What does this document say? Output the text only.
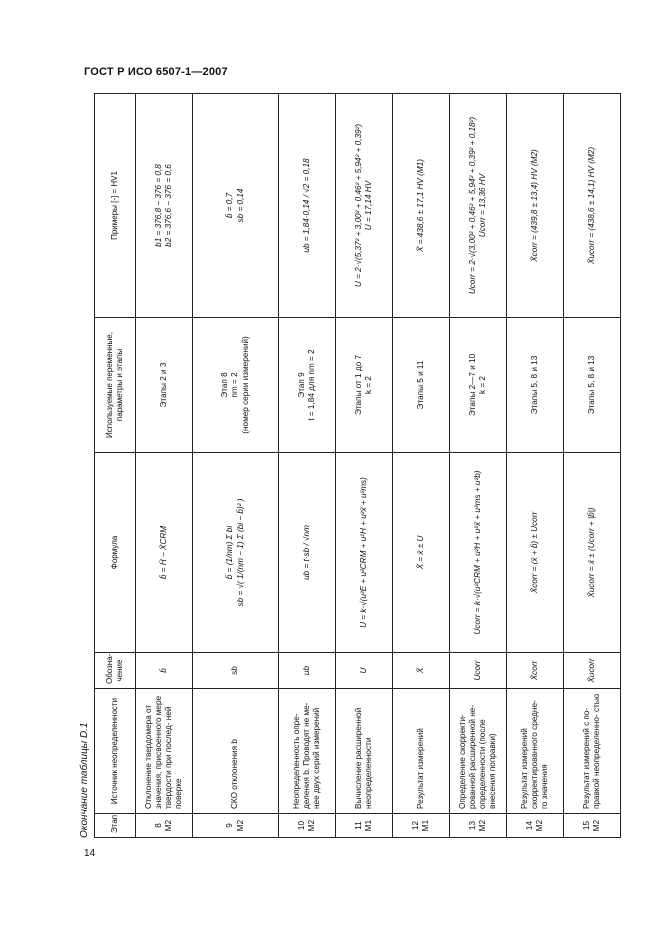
ГОСТ Р ИСО 6507-1—2007
Окончание таблицы D.1	Этап	Источник неопределенности	Обозна-чение	Формула	Используемые переменные, параметры и этапы	Примеры [-] = HV1

8 M2	Отклонение твердомера от значения, присвоенного мере твердости при послед- ней поверке	b̄	b̄ = H̄ − X̄CRM	Этапы 2 и 3	b1 = 376,8 − 376 = 0,8 b2 = 376,6 − 376 = 0,6

9 M2	СКО отклонения b	sb	b̄ = (1/nm) Σ bi sb = √( 1/(nm − 1) Σ (bi − b̄)² )	Этап 8 nm = 2 (номер серии измерений)	b̄ = 0,7 sb = 0,14

10 M2	Неопределенность опре- деления b. Проводят не ме- нее двух серий измерений	ub	ub = t·sb / √nm	Этап 9 t = 1,84 для nm = 2	ub = 1,84·0,14 / √2 = 0,18

11 M1	Вычисление расширенной неопределенности	U	U = k·√(u²E + u²CRM + u²H + u²x̄ + u²ms)	Этапы от 1 до 7 k = 2	U = 2·√(5,37² + 3,00² + 0,46² + 5,94² + 0,39²) U = 17,14 HV

12 M1	Результат измерений	X̄	X̄ = x̄ ± U	Этапы 5 и 11	X̄ = 438,6 ± 17,1 HV (M1)

13 M2	Определение скорректи- рованной расширенной не- определенности (после внесения поправки)	Ucorr	Ucorr = k·√(u²CRM + u²H + u²x̄ + u²ms + u²b)	Этапы 2—7 и 10 k = 2	Ucorr = 2·√(3,00² + 0,46² + 5,94² + 0,39² + 0,18²) Ucorr = 13,36 HV

14 M2	Результат измерений скорректированного средне- го значения	X̄corr	X̄corr = (x̄ + b̄) ± Ucorr	Этапы 5, 8 и 13	X̄corr = (439,8 ± 13,4) HV (M2)

15 M2	Результат измерений с по- правкой неопределенно- стью	X̄ucorr	X̄ucorr = x̄ ± (Ucorr + |b̄|)	Этапы 5, 8 и 13	X̄ucorr = (438,6 ± 14,1) HV (M2)
14
